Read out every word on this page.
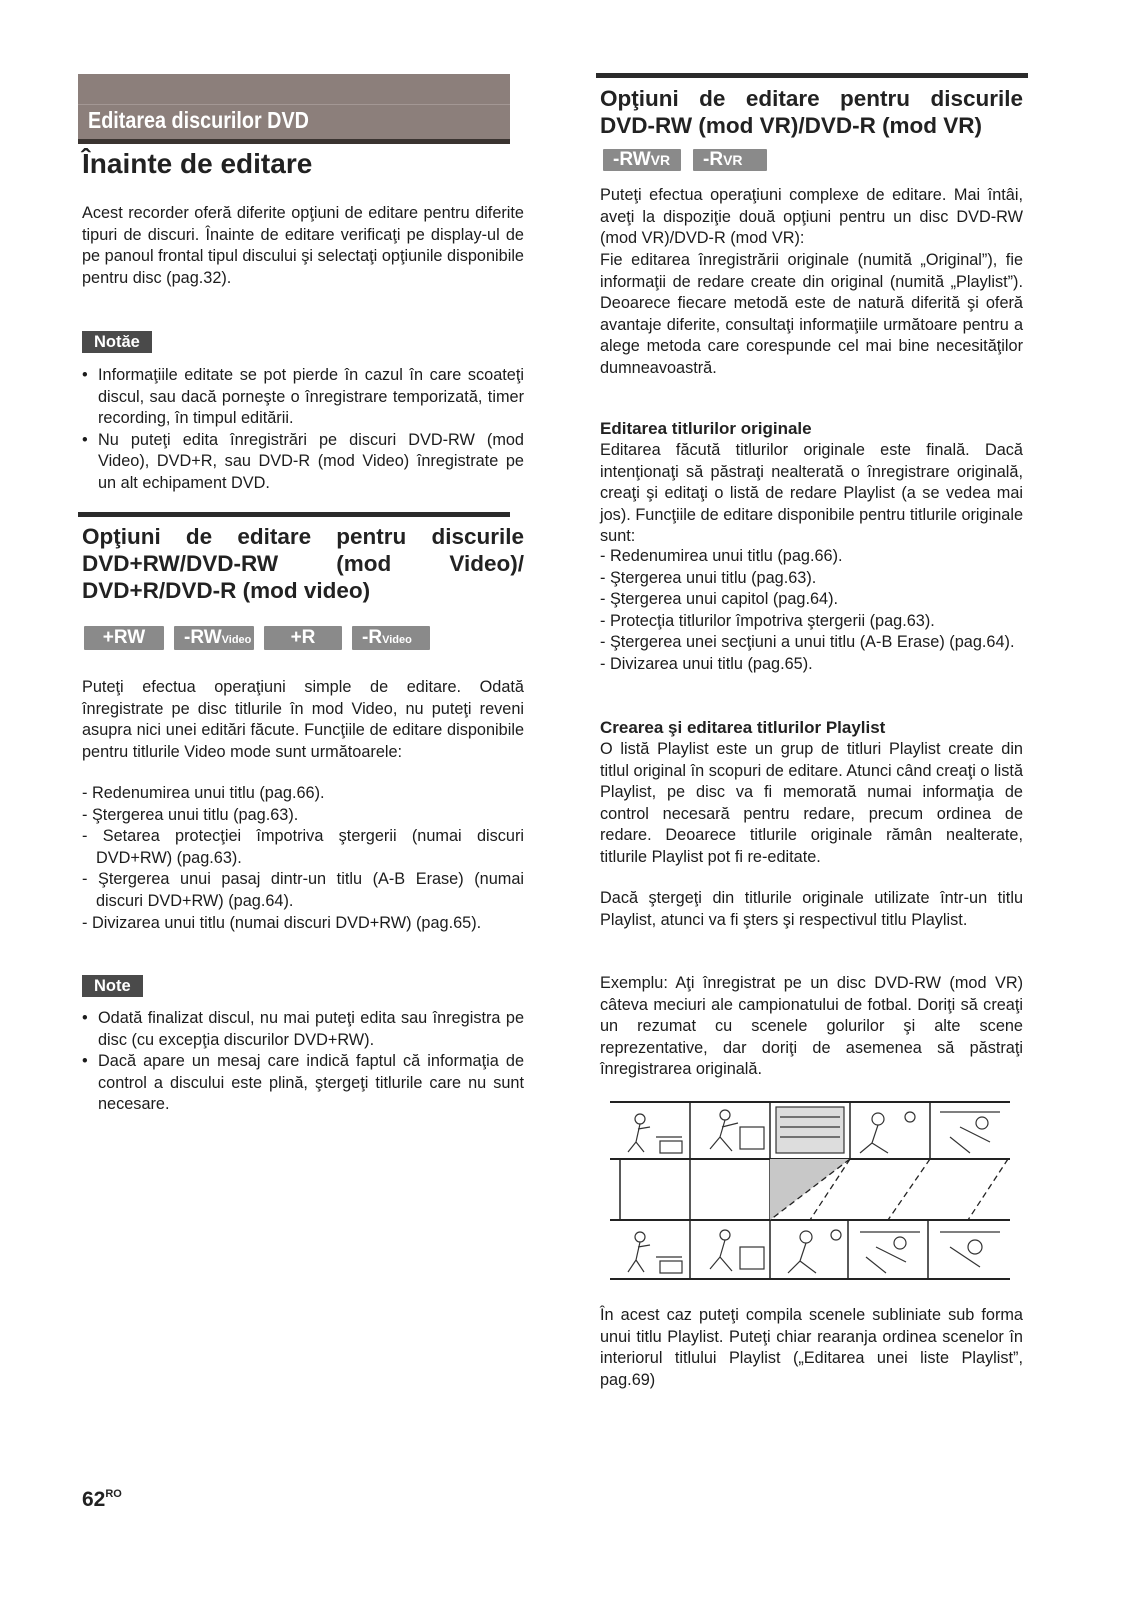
Editarea discurilor DVD
Înainte de editare

Acest recorder oferă diferite opţiuni de editare pentru diferite tipuri de discuri. Înainte de editare verificaţi pe display-ul de pe panoul frontal tipul discului şi selectaţi opţiunile disponibile pentru disc (pag.32).

Notăe
• Informaţiile editate se pot pierde în cazul în care scoateţi discul, sau dacă porneşte o înregistrare temporizată, timer recording, în timpul editării.
• Nu puteţi edita înregistrări pe discuri DVD-RW (mod Video), DVD+R, sau DVD-R (mod Video) înregistrate pe un alt echipament DVD.
Opţiuni de editare pentru discurile DVD+RW/DVD-RW (mod Video)/ DVD+R/DVD-R (mod video)
+RW	-RWVideo	+R	-RVideo

Puteţi efectua operaţiuni simple de editare. Odată înregistrate pe disc titlurile în mod Video, nu puteţi reveni asupra nici unei editări făcute. Funcţiile de editare disponibile pentru titlurile Video mode sunt următoarele:

- Redenumirea unui titlu (pag.66).
- Ştergerea unui titlu (pag.63).
- Setarea protecţiei împotriva ştergerii (numai discuri DVD+RW) (pag.63).
- Ştergerea unui pasaj dintr-un titlu (A-B Erase) (numai discuri DVD+RW) (pag.64).
- Divizarea unui titlu (numai discuri DVD+RW) (pag.65).
Note
• Odată finalizat discul, nu mai puteţi edita sau înregistra pe disc (cu excepţia discurilor DVD+RW).
• Dacă apare un mesaj care indică faptul că informaţia de control a discului este plină, ştergeţi titlurile care nu sunt necesare.
$62^{RO}$
Opţiuni de editare pentru discurile DVD-RW (mod VR)/DVD-R (mod VR)
-RWVR	-RVR

Puteţi efectua operaţiuni complexe de editare. Mai întâi, aveţi la dispoziţie două opţiuni pentru un disc DVD-RW (mod VR)/DVD-R (mod VR):

Fie editarea înregistrării originale (numită „Original”), fie informaţii de redare create din original (numită „Playlist”). Deoarece fiecare metodă este de natură diferită şi oferă avantaje diferite, consultaţi informaţiile următoare pentru a alege metoda care corespunde cel mai bine necesităţilor dumneavoastră.

Editarea titlurilor originale

Editarea făcută titlurilor originale este finală. Dacă intenţionaţi să păstraţi nealterată o înregistrare originală, creaţi şi editaţi o listă de redare Playlist (a se vedea mai jos). Funcţiile de editare disponibile pentru titlurile originale sunt:

- Redenumirea unui titlu (pag.66).
- Ştergerea unui titlu (pag.63).
- Ştergerea unui capitol (pag.64).
- Protecţia titlurilor împotriva ştergerii (pag.63).
- Ştergerea unei secţiuni a unui titlu (A-B Erase) (pag.64).
- Divizarea unui titlu (pag.65).
Crearea şi editarea titlurilor Playlist

O listă Playlist este un grup de titluri Playlist create din titlul original în scopuri de editare. Atunci când creaţi o listă Playlist, pe disc va fi memorată numai informaţia de control necesară pentru redare, precum ordinea de redare. Deoarece titlurile originale rămân nealterate, titlurile Playlist pot fi re-editate.

Dacă ştergeţi din titlurile originale utilizate într-un titlu Playlist, atunci va fi şters şi respectivul titlu Playlist.

Exemplu: Aţi înregistrat pe un disc DVD-RW (mod VR) câteva meciuri ale campionatului de fotbal. Doriţi să creaţi un rezumat cu scenele golurilor şi alte scene reprezentative, dar doriţi de asemenea să păstraţi înregistrarea originală.

În acest caz puteţi compila scenele subliniate sub forma unui titlu Playlist. Puteţi chiar rearanja ordinea scenelor în interiorul titlului Playlist („Editarea unei liste Playlist”, pag.69)
